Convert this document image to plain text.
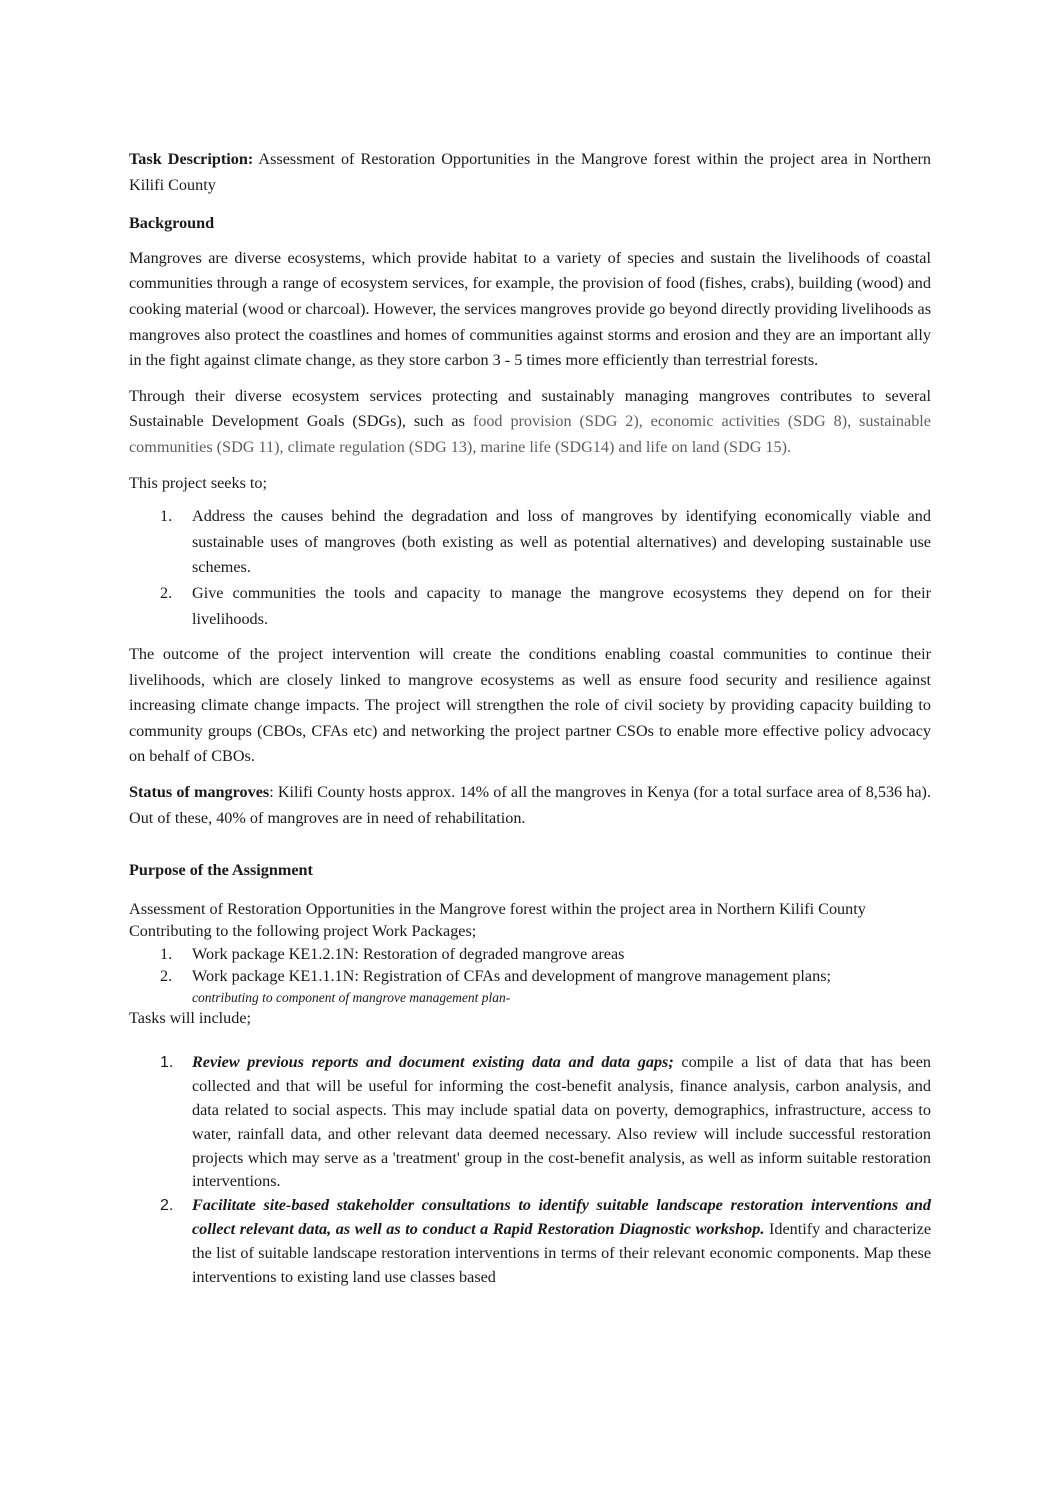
Task Description: Assessment of Restoration Opportunities in the Mangrove forest within the project area in Northern Kilifi County

Background

Mangroves are diverse ecosystems, which provide habitat to a variety of species and sustain the livelihoods of coastal communities through a range of ecosystem services, for example, the provision of food (fishes, crabs), building (wood) and cooking material (wood or charcoal). However, the services mangroves provide go beyond directly providing livelihoods as mangroves also protect the coastlines and homes of communities against storms and erosion and they are an important ally in the fight against climate change, as they store carbon 3 - 5 times more efficiently than terrestrial forests.

Through their diverse ecosystem services protecting and sustainably managing mangroves contributes to several Sustainable Development Goals (SDGs), such as food provision (SDG 2), economic activities (SDG 8), sustainable communities (SDG 11), climate regulation (SDG 13), marine life (SDG14) and life on land (SDG 15).

This project seeks to;

1. Address the causes behind the degradation and loss of mangroves by identifying economically viable and sustainable uses of mangroves (both existing as well as potential alternatives) and developing sustainable use schemes.
2. Give communities the tools and capacity to manage the mangrove ecosystems they depend on for their livelihoods.

The outcome of the project intervention will create the conditions enabling coastal communities to continue their livelihoods, which are closely linked to mangrove ecosystems as well as ensure food security and resilience against increasing climate change impacts. The project will strengthen the role of civil society by providing capacity building to community groups (CBOs, CFAs etc) and networking the project partner CSOs to enable more effective policy advocacy on behalf of CBOs.

Status of mangroves: Kilifi County hosts approx. 14% of all the mangroves in Kenya (for a total surface area of 8,536 ha). Out of these, 40% of mangroves are in need of rehabilitation.

Purpose of the Assignment

Assessment of Restoration Opportunities in the Mangrove forest within the project area in Northern Kilifi County

Contributing to the following project Work Packages;

1. Work package KE1.2.1N: Restoration of degraded mangrove areas
2. Work package KE1.1.1N: Registration of CFAs and development of mangrove management plans;

contributing to component of mangrove management plan-

Tasks will include;

1. Review previous reports and document existing data and data gaps; compile a list of data that has been collected and that will be useful for informing the cost-benefit analysis, finance analysis, carbon analysis, and data related to social aspects. This may include spatial data on poverty, demographics, infrastructure, access to water, rainfall data, and other relevant data deemed necessary. Also review will include successful restoration projects which may serve as a 'treatment' group in the cost-benefit analysis, as well as inform suitable restoration interventions.
2. Facilitate site-based stakeholder consultations to identify suitable landscape restoration interventions and collect relevant data, as well as to conduct a Rapid Restoration Diagnostic workshop. Identify and characterize the list of suitable landscape restoration interventions in terms of their relevant economic components. Map these interventions to existing land use classes based
